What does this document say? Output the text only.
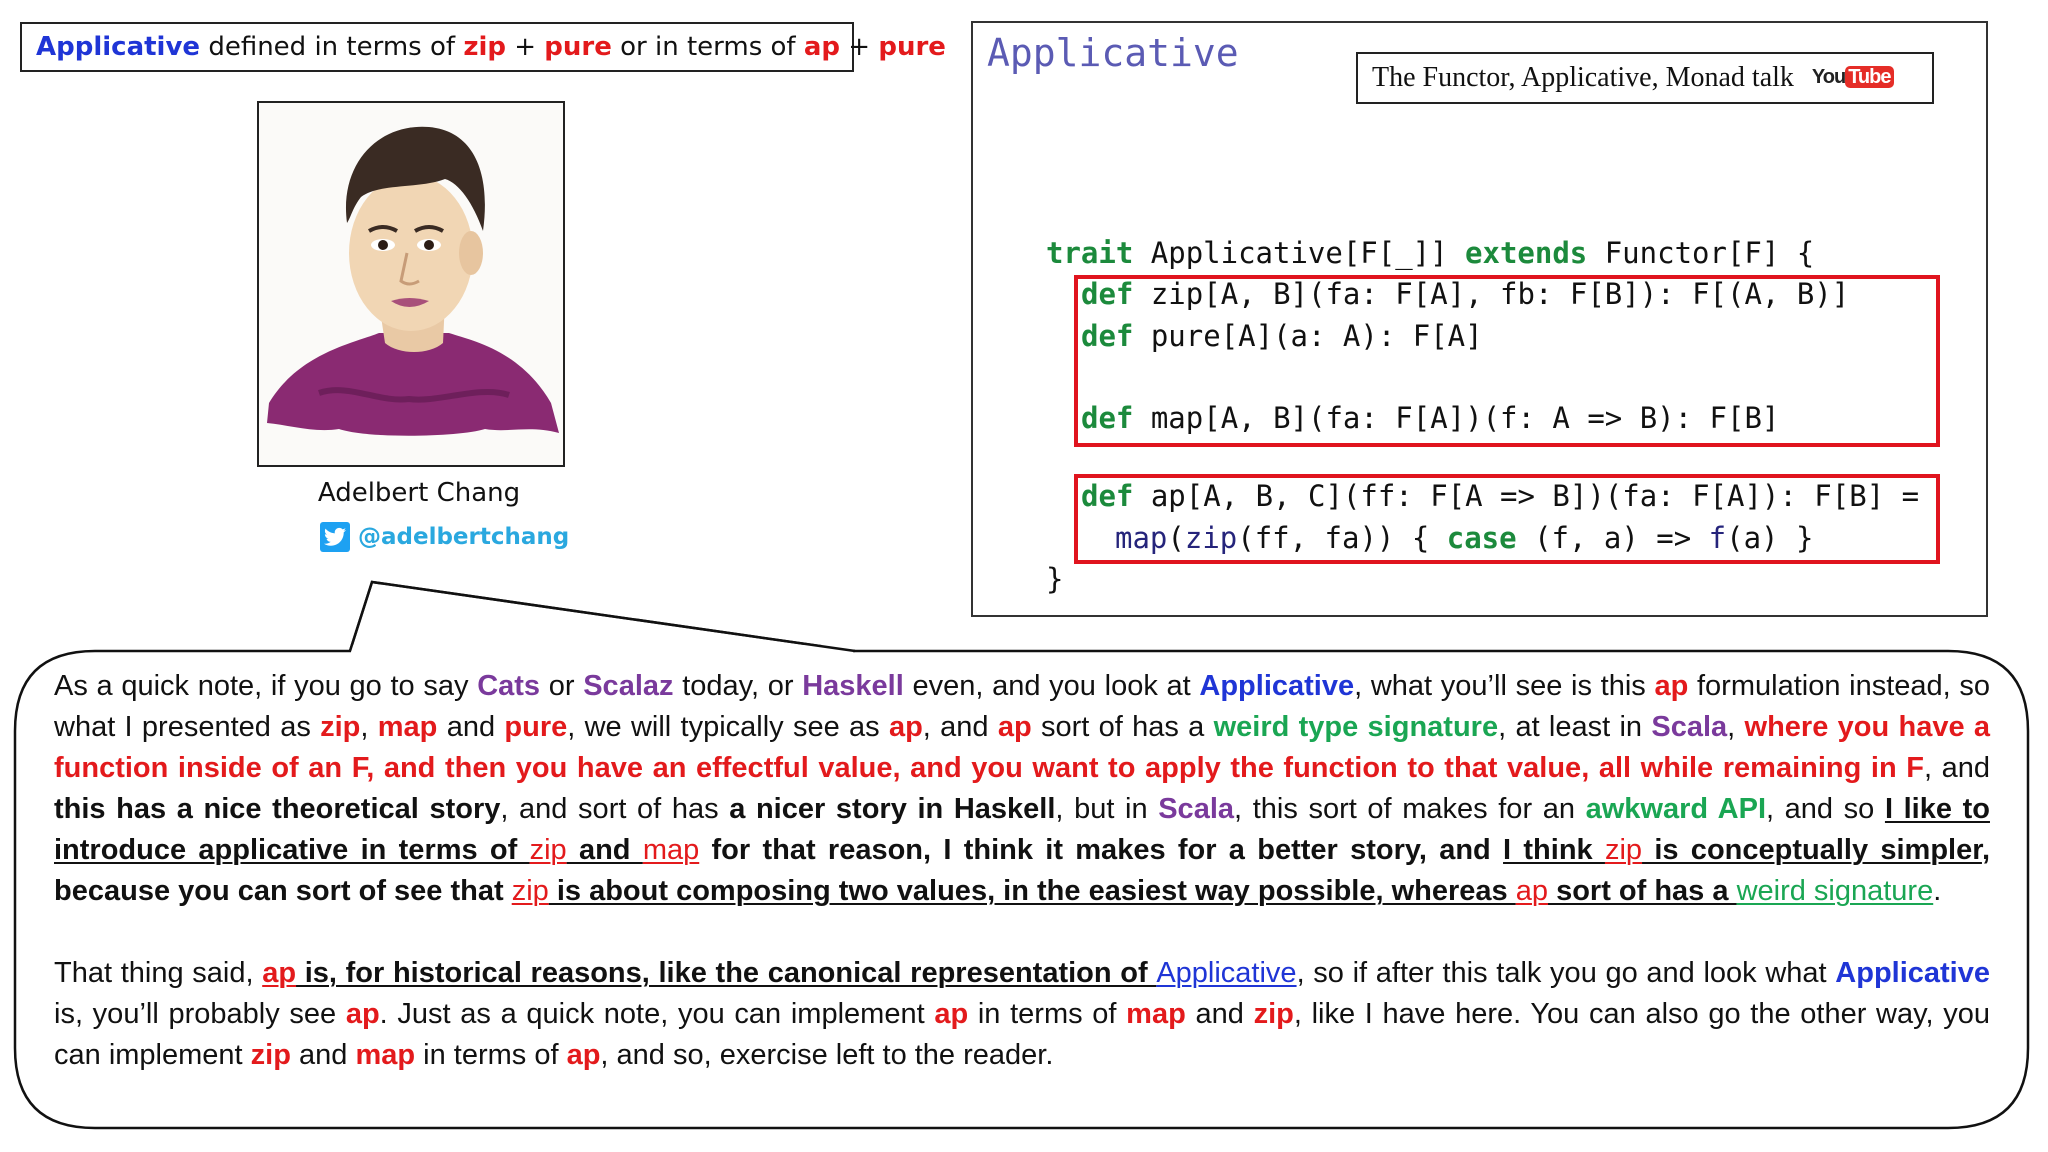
Applicative defined in terms of zip + pure or in terms of ap + pure
Adelbert Chang
@adelbertchang
Applicative
The Functor, Applicative, Monad talk You Tube
trait Applicative[F[_]] extends Functor[F] {
def zip[A, B](fa: F[A], fb: F[B]): F[(A, B)]
def pure[A](a: A): F[A]
def map[A, B](fa: F[A])(f: A => B): F[B]
def ap[A, B, C](ff: F[A => B])(fa: F[A]): F[B] =
map(zip(ff, fa)) { case (f, a) => f(a) }
}

As a quick note, if you go to say Cats or Scalaz today, or Haskell even, and you look at Applicative, what you’ll see is this ap formulation instead, so what I presented as zip, map and pure, we will typically see as ap, and ap sort of has a weird type signature, at least in Scala, where you have a function inside of an F, and then you have an effectful value, and you want to apply the function to that value, all while remaining in F, and this has a nice theoretical story, and sort of has a nicer story in Haskell, but in Scala, this sort of makes for an awkward API, and so I like to introduce applicative in terms of zip and map for that reason, I think it makes for a better story, and I think zip is conceptually simpler, because you can sort of see that zip is about composing two values, in the easiest way possible, whereas ap sort of has a weird signature.

That thing said, ap is, for historical reasons, like the canonical representation of Applicative, so if after this talk you go and look what Applicative is, you’ll probably see ap. Just as a quick note, you can implement ap in terms of map and zip, like I have here. You can also go the other way, you can implement zip and map in terms of ap, and so, exercise left to the reader.
